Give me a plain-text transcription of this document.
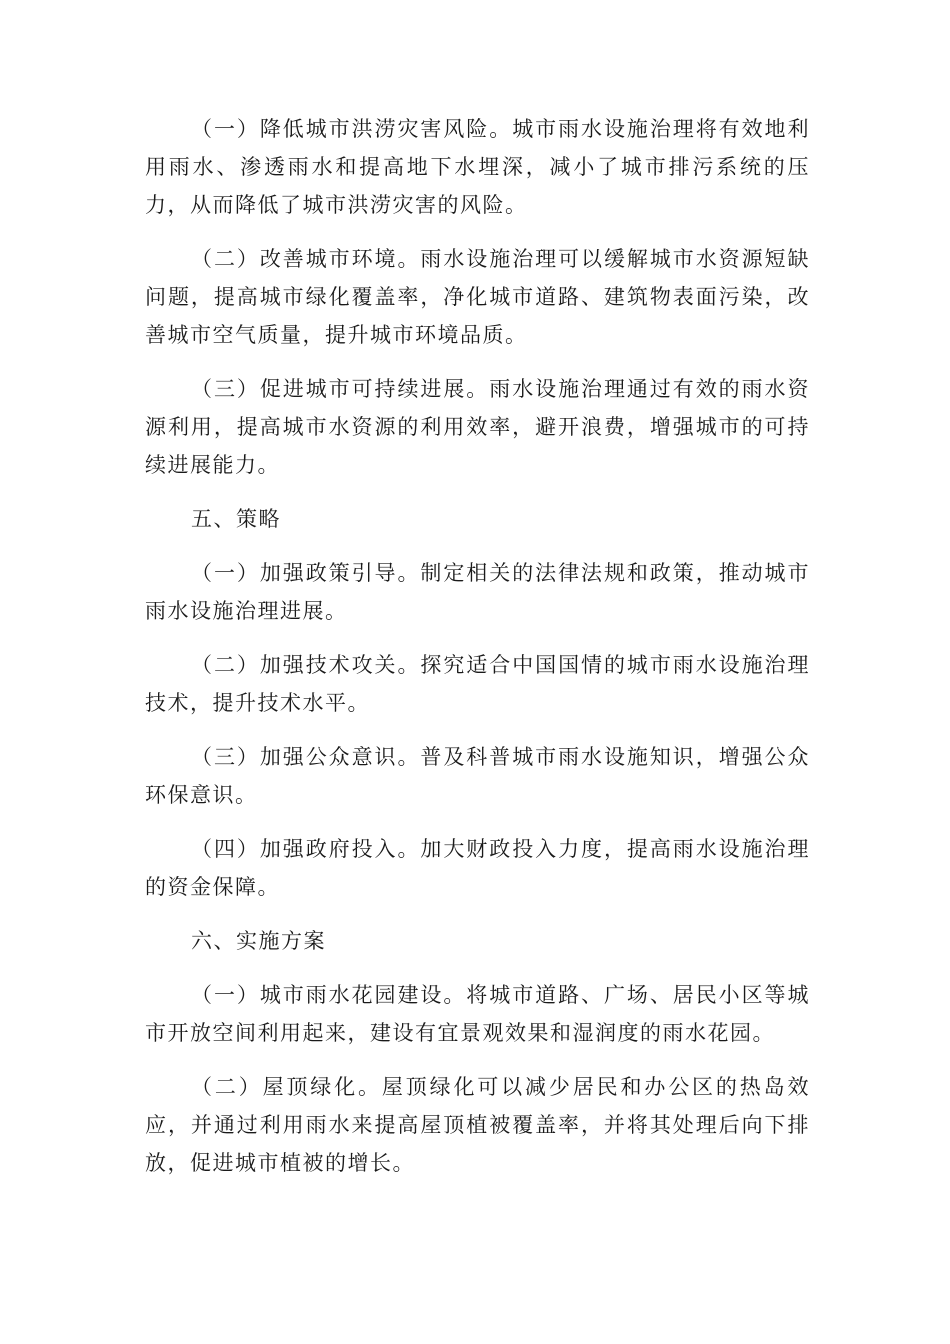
（一）降低城市洪涝灾害风险。城市雨水设施治理将有效地利用雨水、渗透雨水和提高地下水埋深，减小了城市排污系统的压力，从而降低了城市洪涝灾害的风险。

（二）改善城市环境。雨水设施治理可以缓解城市水资源短缺问题，提高城市绿化覆盖率，净化城市道路、建筑物表面污染，改善城市空气质量，提升城市环境品质。

（三）促进城市可持续进展。雨水设施治理通过有效的雨水资源利用，提高城市水资源的利用效率，避开浪费，增强城市的可持续进展能力。

五、策略

（一）加强政策引导。制定相关的法律法规和政策，推动城市雨水设施治理进展。

（二）加强技术攻关。探究适合中国国情的城市雨水设施治理技术，提升技术水平。

（三）加强公众意识。普及科普城市雨水设施知识，增强公众环保意识。

（四）加强政府投入。加大财政投入力度，提高雨水设施治理的资金保障。

六、实施方案

（一）城市雨水花园建设。将城市道路、广场、居民小区等城市开放空间利用起来，建设有宜景观效果和湿润度的雨水花园。

（二）屋顶绿化。屋顶绿化可以减少居民和办公区的热岛效应，并通过利用雨水来提高屋顶植被覆盖率，并将其处理后向下排放，促进城市植被的增长。
